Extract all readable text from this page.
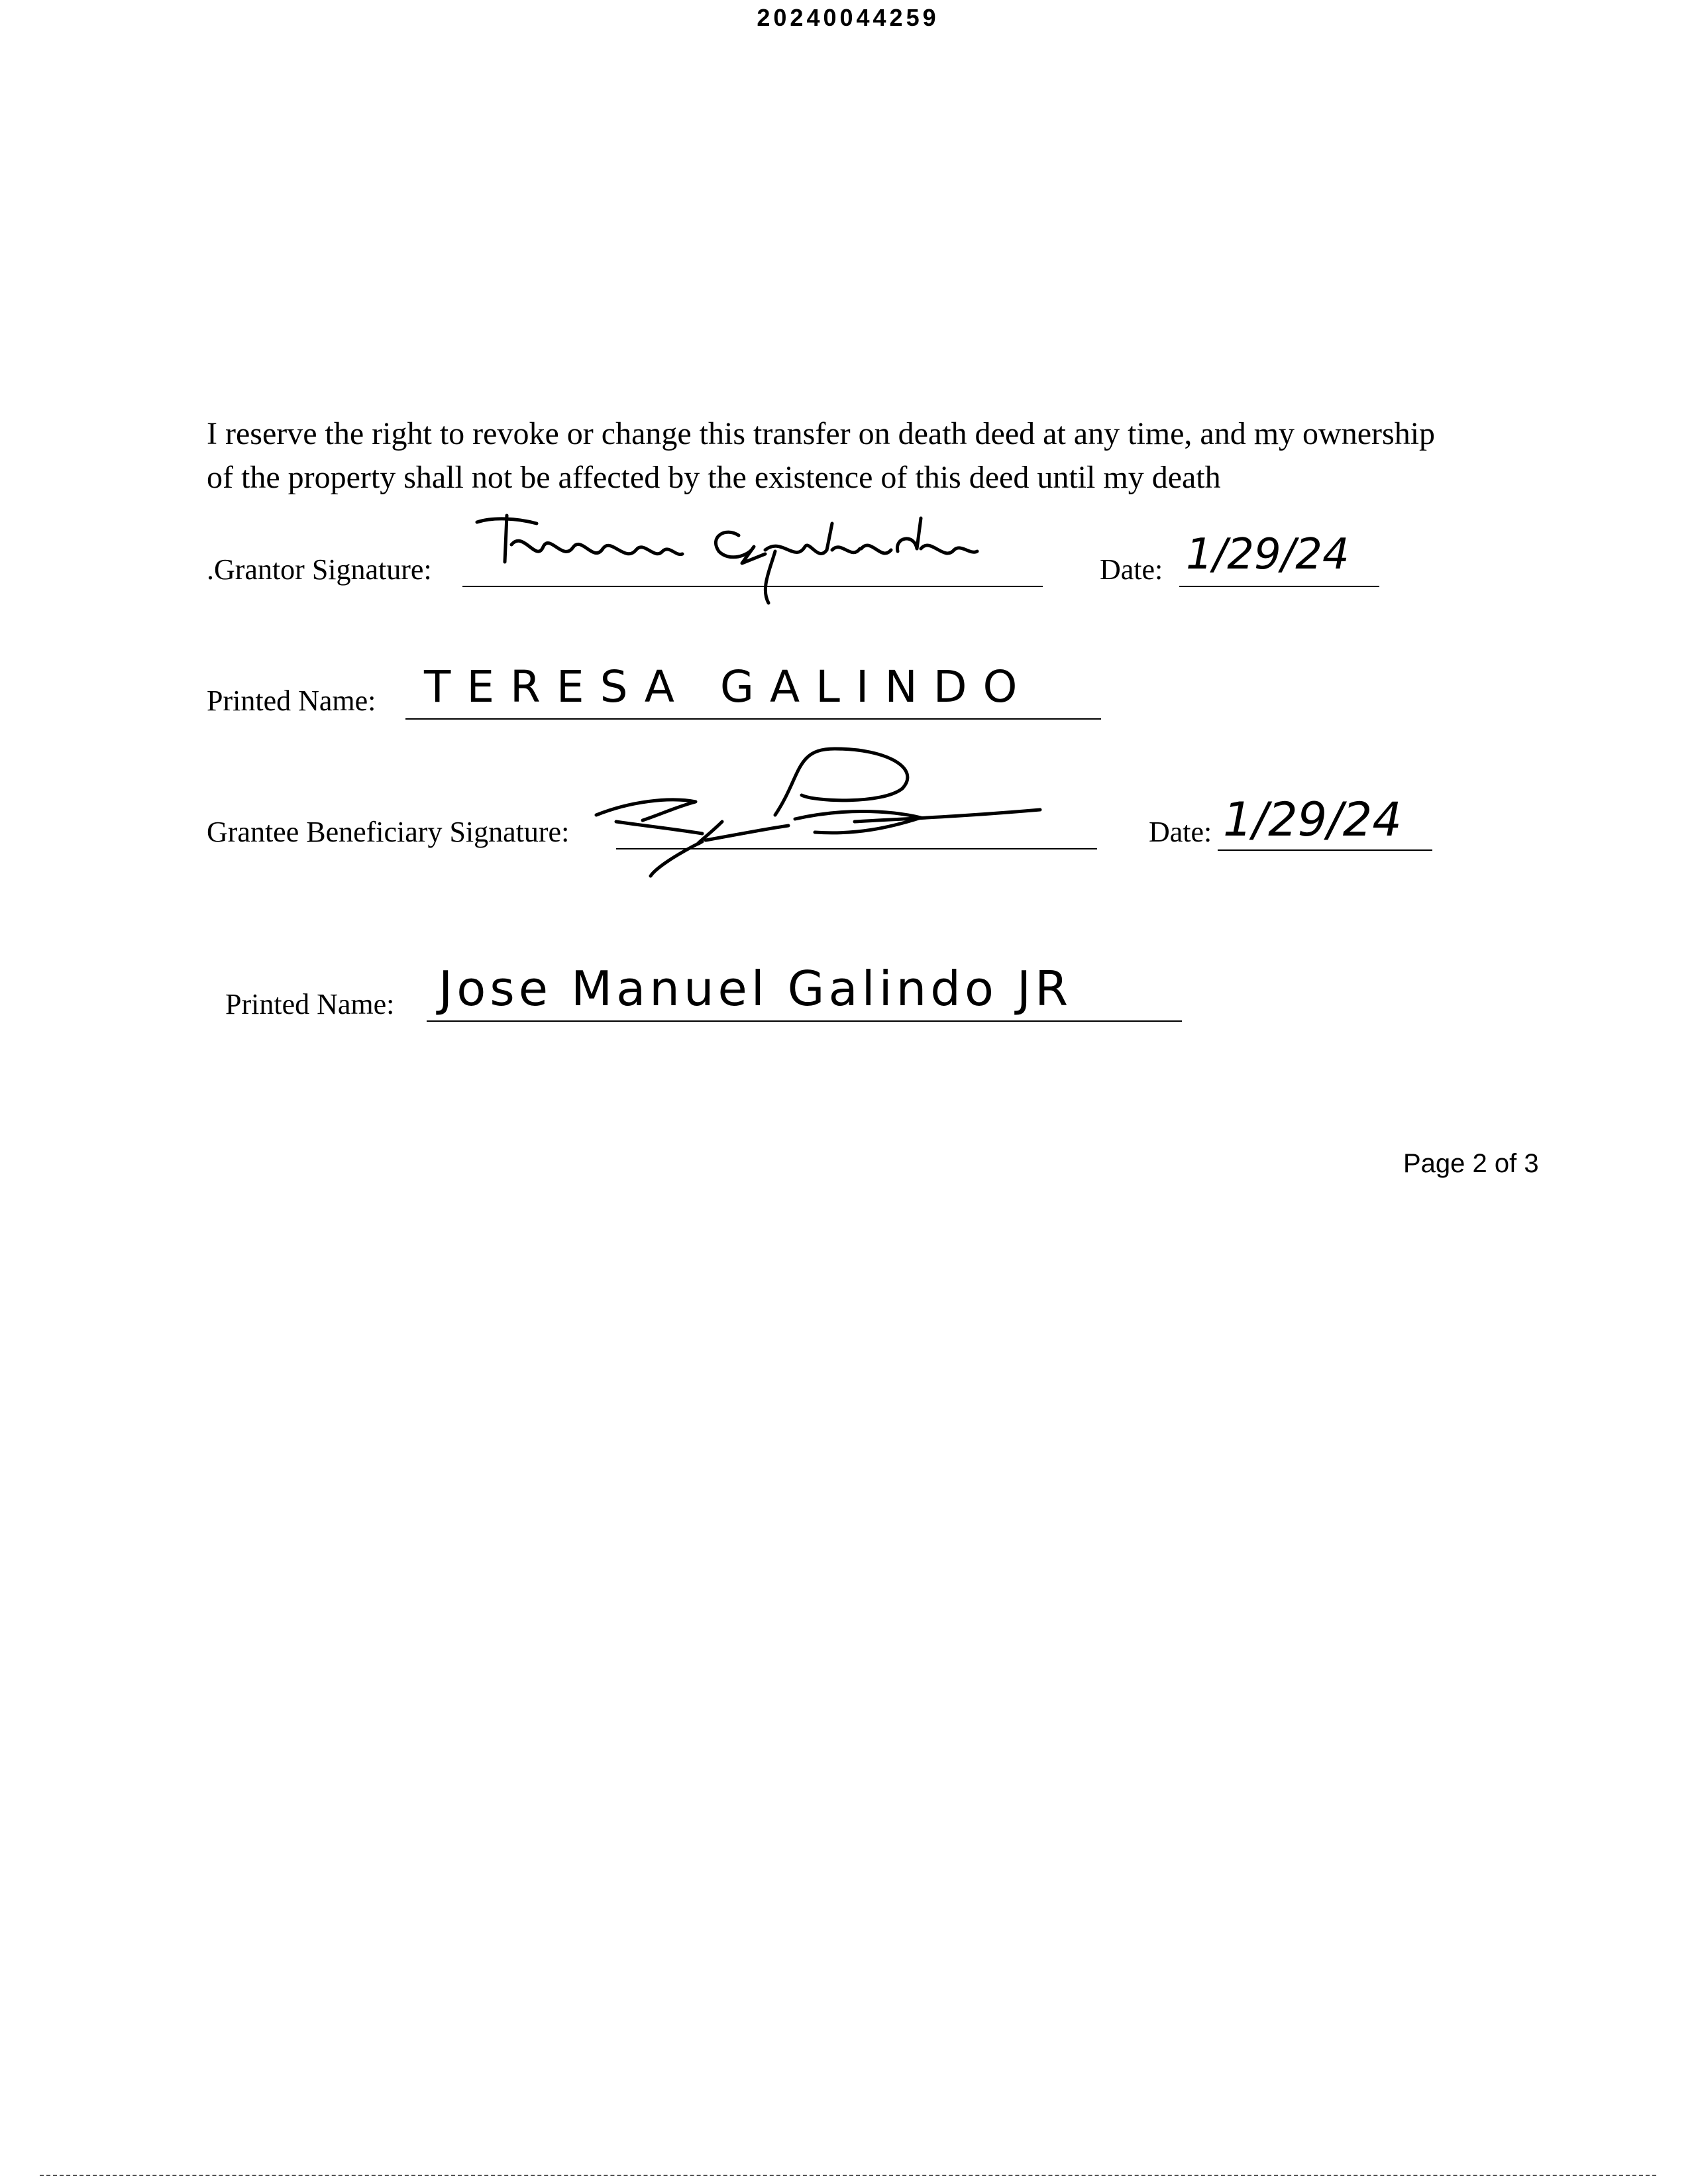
20240044259
I reserve the right to revoke or change this transfer on death deed at any time, and my ownership
of the property shall not be affected by the existence of this deed until my death
.Grantor Signature:	Date: 1/29/24
Printed Name: TERESA GALINDO
Grantee Beneficiary Signature:	Date: 1/29/24
Printed Name: Jose Manuel Galindo JR
Page 2 of 3
